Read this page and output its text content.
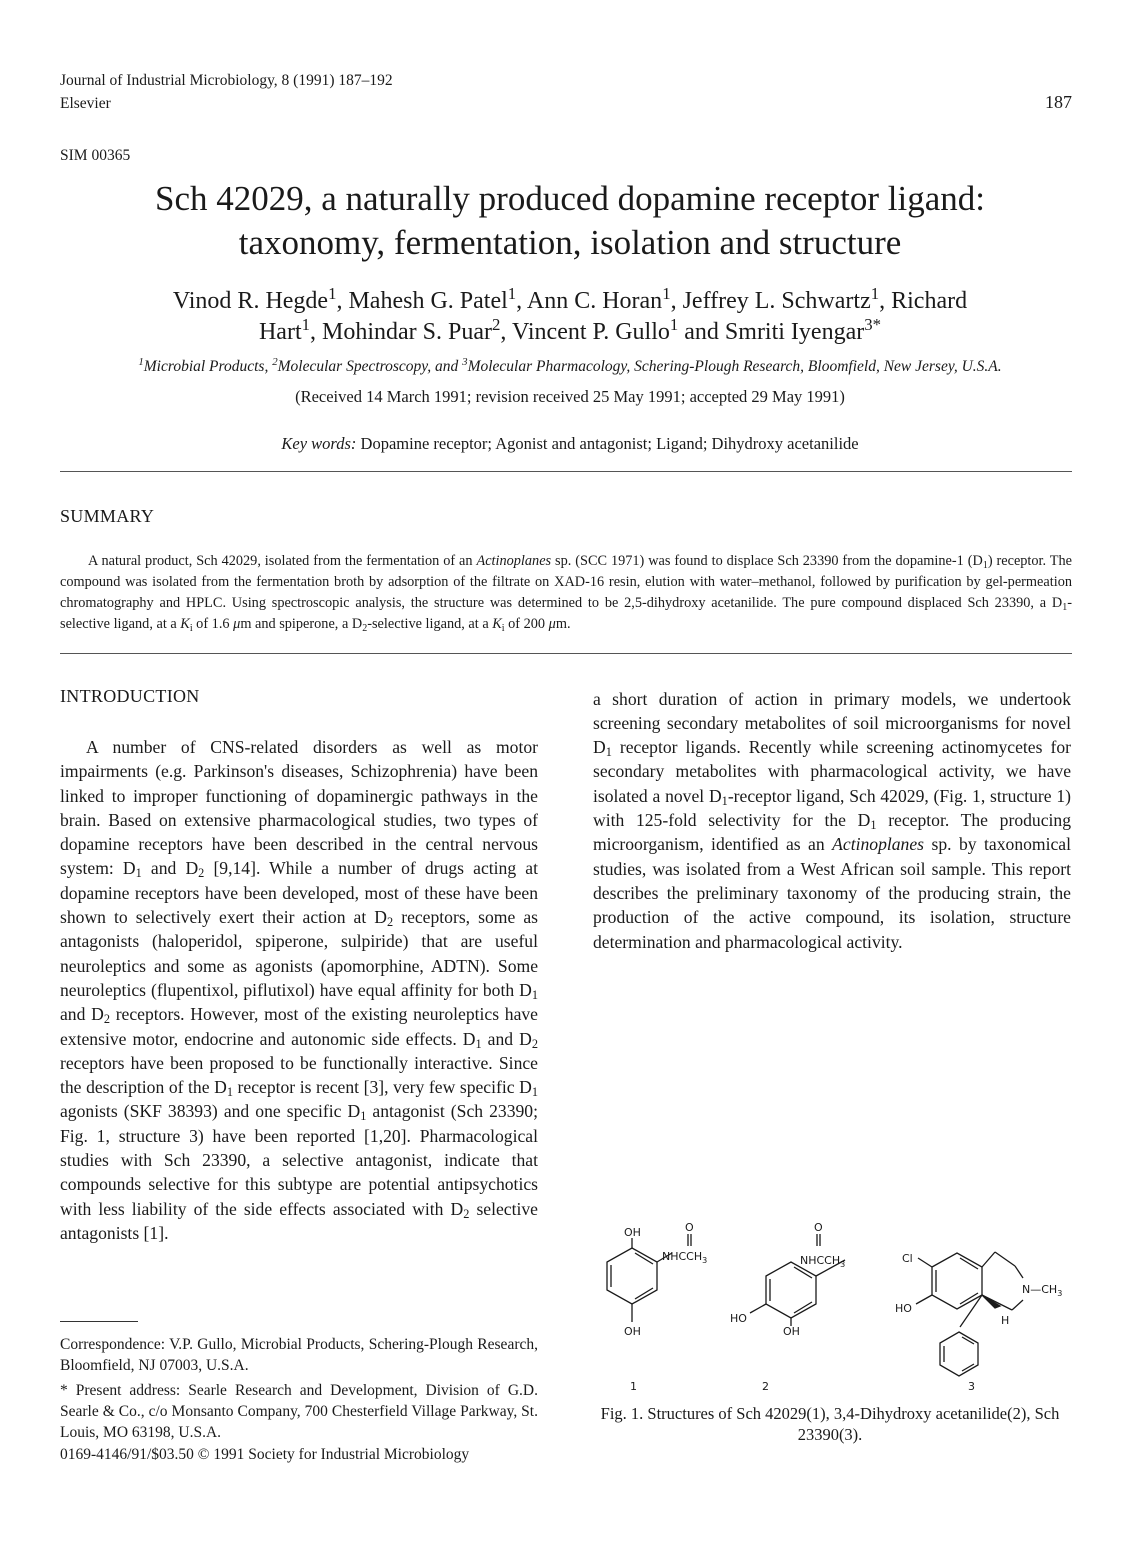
Journal of Industrial Microbiology, 8 (1991) 187–192
Elsevier	187
SIM 00365
Sch 42029, a naturally produced dopamine receptor ligand:
taxonomy, fermentation, isolation and structure
Vinod R. Hegde$^1$, Mahesh G. Patel$^1$, Ann C. Horan$^1$, Jeffrey L. Schwartz$^1$, Richard
Hart$^1$, Mohindar S. Puar$^2$, Vincent P. Gullo$^1$ and Smriti Iyengar$^{3*}$
$^1$Microbial Products, $^2$Molecular Spectroscopy, and $^3$Molecular Pharmacology, Schering-Plough Research, Bloomfield, New Jersey, U.S.A.
(Received 14 March 1991; revision received 25 May 1991; accepted 29 May 1991)
Key words: Dopamine receptor; Agonist and antagonist; Ligand; Dihydroxy acetanilide
SUMMARY
A natural product, Sch 42029, isolated from the fermentation of an Actinoplanes sp. (SCC 1971) was found to displace Sch 23390 from the dopamine-1 $(D_1)$ receptor. The compound was isolated from the fermentation broth by adsorption of the filtrate on XAD-16 resin, elution with water–methanol, followed by purification by gel-permeation chromatography and HPLC. Using spectroscopic analysis, the structure was determined to be 2,5-dihydroxy acetanilide. The pure compound displaced Sch 23390, a $D_1$-selective ligand, at a $K_i$ of 1.6 μm and spiperone, a $D_2$-selective ligand, at a $K_i$ of 200 μm.
INTRODUCTION

A number of CNS-related disorders as well as motor impairments (e.g. Parkinson's diseases, Schizophrenia) have been linked to improper functioning of dopaminergic pathways in the brain. Based on extensive pharmacological studies, two types of dopamine receptors have been described in the central nervous system: $D_1$ and $D_2$ [9,14]. While a number of drugs acting at dopamine receptors have been developed, most of these have been shown to selectively exert their action at $D_2$ receptors, some as antagonists (haloperidol, spiperone, sulpiride) that are useful neuroleptics and some as agonists (apomorphine, ADTN). Some neuroleptics (flupentixol, piflutixol) have equal affinity for both $D_1$ and $D_2$ receptors. However, most of the existing neuroleptics have extensive motor, endocrine and autonomic side effects. $D_1$ and $D_2$ receptors have been proposed to be functionally interactive. Since the description of the $D_1$ receptor is recent [3], very few specific $D_1$ agonists (SKF 38393) and one specific $D_1$ antagonist (Sch 23390; Fig. 1, structure 3) have been reported [1,20]. Pharmacological studies with Sch 23390, a selective antagonist, indicate that compounds selective for this subtype are potential antipsychotics with less liability of the side effects associated with $D_2$ selective antagonists [1].

a short duration of action in primary models, we undertook screening secondary metabolites of soil microorganisms for novel $D_1$ receptor ligands. Recently while screening actinomycetes for secondary metabolites with pharmacological activity, we have isolated a novel $D_1$-receptor ligand, Sch 42029, (Fig. 1, structure 1) with 125-fold selectivity for the $D_1$ receptor. The producing microorganism, identified as an Actinoplanes sp. by taxonomical studies, was isolated from a West African soil sample. This report describes the preliminary taxonomy of the producing strain, the production of the active compound, its isolation, structure determination and pharmacological activity.

Correspondence: V.P. Gullo, Microbial Products, Schering-Plough Research, Bloomfield, NJ 07003, U.S.A.
* Present address: Searle Research and Development, Division of G.D. Searle & Co., c/o Monsanto Company, 700 Chesterfield Village Parkway, St. Louis, MO 63198, U.S.A.
0169-4146/91/$03.50 © 1991 Society for Industrial Microbiology
OH	O
$NHCCH_3$
OH
O
$NHCCH_3$
HO
OH
Cl
$N—CH_3$
HO
H
1	2	3
Fig. 1. Structures of Sch 42029(1), 3,4-Dihydroxy acetanilide(2), Sch 23390(3).
